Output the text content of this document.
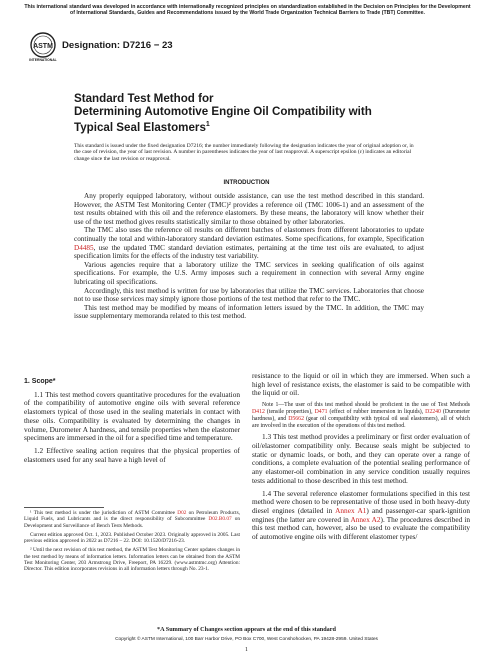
This international standard was developed in accordance with internationally recognized principles on standardization established in the Decision on Principles for the Development of International Standards, Guides and Recommendations issued by the World Trade Organization Technical Barriers to Trade (TBT) Committee.
ASTM
INTERNATIONAL
Designation: D7216 − 23
Standard Test Method for
Determining Automotive Engine Oil Compatibility with
Typical Seal Elastomers$^1$
This standard is issued under the fixed designation D7216; the number immediately following the designation indicates the year of original adoption or, in the case of revision, the year of last revision. A number in parentheses indicates the year of last reapproval. A superscript epsilon (ε) indicates an editorial change since the last revision or reapproval.
INTRODUCTION

Any properly equipped laboratory, without outside assistance, can use the test method described in this standard. However, the ASTM Test Monitoring Center (TMC)² provides a reference oil (TMC 1006-1) and an assessment of the test results obtained with this oil and the reference elastomers. By these means, the laboratory will know whether their use of the test method gives results statistically similar to those obtained by other laboratories.

The TMC also uses the reference oil results on different batches of elastomers from different laboratories to update continually the total and within-laboratory standard deviation estimates. Some specifications, for example, Specification D4485, use the updated TMC standard deviation estimates, pertaining at the time test oils are evaluated, to adjust specification limits for the effects of the industry test variability.

Various agencies require that a laboratory utilize the TMC services in seeking qualification of oils against specifications. For example, the U.S. Army imposes such a requirement in connection with several Army engine lubricating oil specifications.

Accordingly, this test method is written for use by laboratories that utilize the TMC services. Laboratories that choose not to use those services may simply ignore those portions of the test method that refer to the TMC.

This test method may be modified by means of information letters issued by the TMC. In addition, the TMC may issue supplementary memoranda related to this test method.

1. Scope*

1.1 This test method covers quantitative procedures for the evaluation of the compatibility of automotive engine oils with several reference elastomers typical of those used in the sealing materials in contact with these oils. Compatibility is evaluated by determining the changes in volume, Durometer A hardness, and tensile properties when the elastomer specimens are immersed in the oil for a specified time and temperature.

1.2 Effective sealing action requires that the physical properties of elastomers used for any seal have a high level of

resistance to the liquid or oil in which they are immersed. When such a high level of resistance exists, the elastomer is said to be compatible with the liquid or oil.

Note 1—The user of this test method should be proficient in the use of Test Methods D412 (tensile properties), D471 (effect of rubber immersion in liquids), D2240 (Durometer hardness), and D5662 (gear oil compatibility with typical oil seal elastomers), all of which are involved in the execution of the operations of this test method.

1.3 This test method provides a preliminary or first order evaluation of oil/elastomer compatibility only. Because seals might be subjected to static or dynamic loads, or both, and they can operate over a range of conditions, a complete evaluation of the potential sealing performance of any elastomer-oil combination in any service condition usually requires tests additional to those described in this test method.

1.4 The several reference elastomer formulations specified in this test method were chosen to be representative of those used in both heavy-duty diesel engines (detailed in Annex A1) and passenger-car spark-ignition engines (the latter are covered in Annex A2). The procedures described in this test method can, however, also be used to evaluate the compatibility of automotive engine oils with different elastomer types/

¹ This test method is under the jurisdiction of ASTM Committee D02 on Petroleum Products, Liquid Fuels, and Lubricants and is the direct responsibility of Subcommittee D02.B0.07 on Development and Surveillance of Bench Tests Methods.

Current edition approved Oct. 1, 2023. Published October 2023. Originally approved in 2005. Last previous edition approved in 2022 as D7216 – 22. DOI: 10.1520/D7216-23.

² Until the next revision of this test method, the ASTM Test Monitoring Center updates changes in the test method by means of information letters. Information letters can be obtained from the ASTM Test Monitoring Center, 203 Armstrong Drive, Freeport, PA 16229. (www.astmtmc.org) Attention: Director. This edition incorporates revisions in all information letters through No. 23-1.

*A Summary of Changes section appears at the end of this standard
Copyright © ASTM International, 100 Barr Harbor Drive, PO Box C700, West Conshohocken, PA 19428-2959. United States
1
